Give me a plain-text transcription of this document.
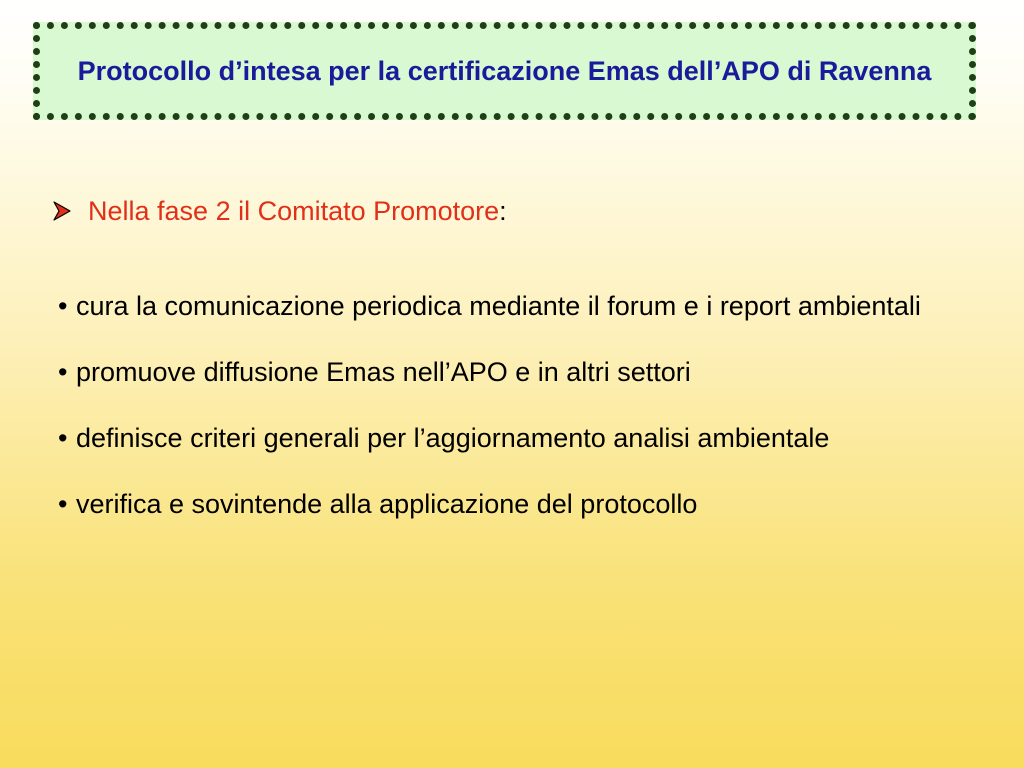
Protocollo d’intesa per la certificazione Emas dell’APO di Ravenna

Nella fase 2 il Comitato Promotore :
• cura la comunicazione periodica mediante il forum e i report ambientali
• promuove diffusione Emas nell’APO e in altri settori
• definisce criteri generali per l’aggiornamento analisi ambientale
• verifica e sovintende alla applicazione del protocollo
